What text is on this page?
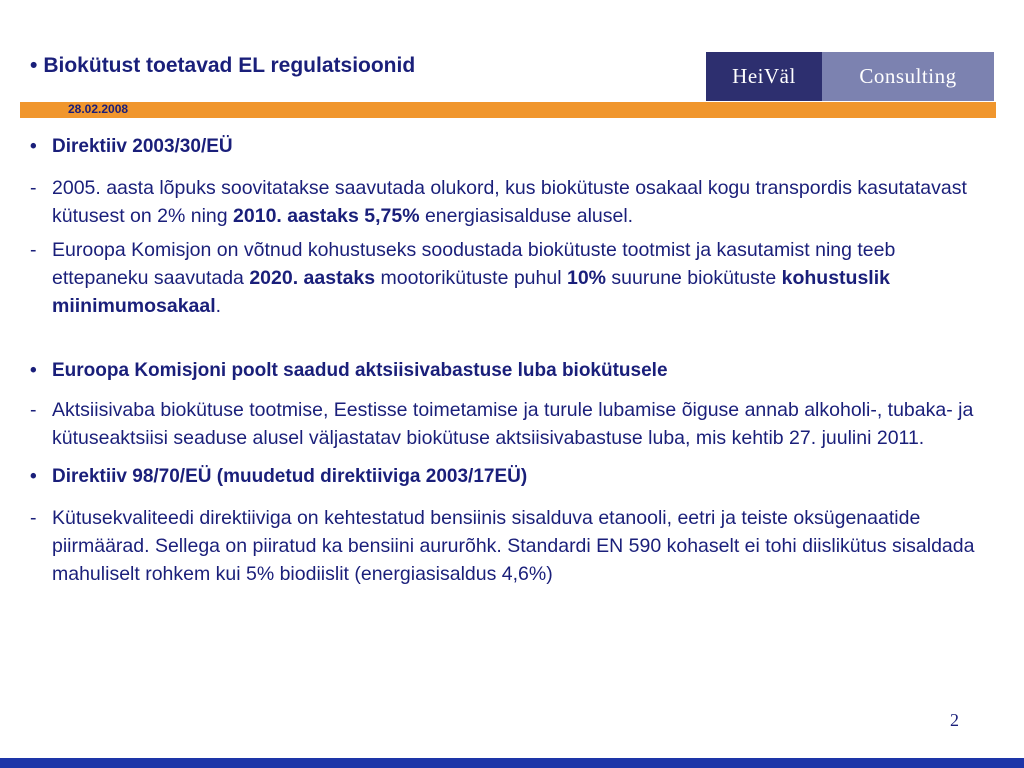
• Biokütust toetavad EL regulatsioonid	HeiVäl	Consulting
28.02.2008
• Direktiiv 2003/30/EÜ
- 2005. aasta lõpuks soovitatakse saavutada olukord, kus biokütuste osakaal kogu transpordis kasutatavast kütusest on 2% ning 2010. aastaks 5,75% energiasisalduse alusel.
- Euroopa Komisjon on võtnud kohustuseks soodustada biokütuste tootmist ja kasutamist ning teeb ettepaneku saavutada 2020. aastaks mootorikütuste puhul 10% suurune biokütuste kohustuslik miinimumosakaal.
• Euroopa Komisjoni poolt saadud aktsiisivabastuse luba biokütusele
- Aktsiisivaba biokütuse tootmise, Eestisse toimetamise ja turule lubamise õiguse annab alkoholi-, tubaka- ja kütuseaktsiisi seaduse alusel väljastatav biokütuse aktsiisivabastuse luba, mis kehtib 27. juulini 2011.
• Direktiiv 98/70/EÜ (muudetud direktiiviga 2003/17EÜ)
- Kütusekvaliteedi direktiiviga on kehtestatud bensiinis sisalduva etanooli, eetri ja teiste oksügenaatide piirmäärad. Sellega on piiratud ka bensiini aururõhk. Standardi EN 590 kohaselt ei tohi diislikütus sisaldada mahuliselt rohkem kui 5% biodiislit (energiasisaldus 4,6%)
2
